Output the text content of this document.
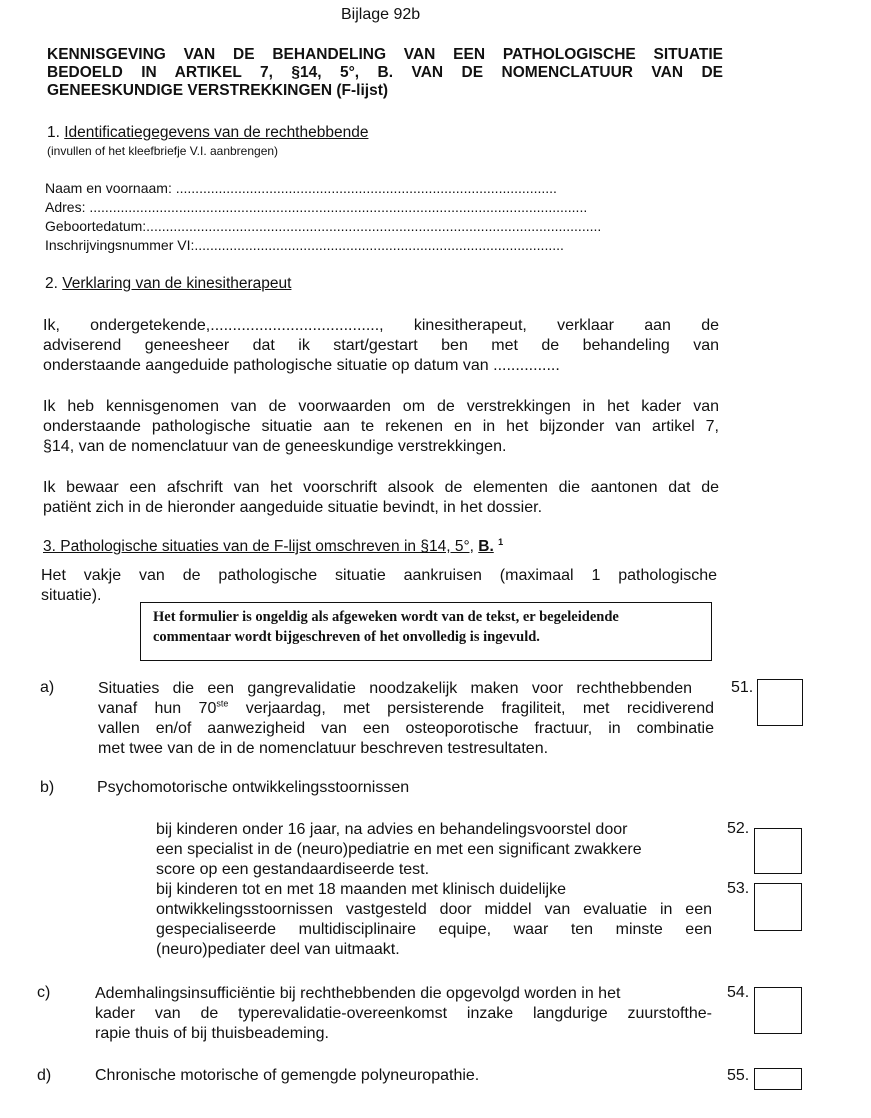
Bijlage 92b
KENNISGEVING VAN DE BEHANDELING VAN EEN PATHOLOGISCHE SITUATIE
BEDOELD IN ARTIKEL 7, §14, 5°, B. VAN DE NOMENCLATUUR VAN DE
GENEESKUNDIGE VERSTREKKINGEN (F-lijst)
1. Identificatiegegevens van de rechthebbende
(invullen of het kleefbriefje V.I. aanbrengen)
Naam en voornaam: ..................................................................................................
Adres: ................................................................................................................................
Geboortedatum:.....................................................................................................................
Inschrijvingsnummer VI:...............................................................................................
2. Verklaring van de kinesitherapeut
Ik, ondergetekende,......................................, kinesitherapeut, verklaar aan de
adviserend geneesheer dat ik start/gestart ben met de behandeling van
onderstaande aangeduide pathologische situatie op datum van ...............
Ik heb kennisgenomen van de voorwaarden om de verstrekkingen in het kader van
onderstaande pathologische situatie aan te rekenen en in het bijzonder van artikel 7,
§14, van de nomenclatuur van de geneeskundige verstrekkingen.
Ik bewaar een afschrift van het voorschrift alsook de elementen die aantonen dat de
patiënt zich in de hieronder aangeduide situatie bevindt, in het dossier.
3. Pathologische situaties van de F-lijst omschreven in §14, 5°, B. $^1$
Het vakje van de pathologische situatie aankruisen (maximaal 1 pathologische
situatie).
Het formulier is ongeldig als afgeweken wordt van de tekst, er begeleidende
commentaar wordt bijgeschreven of het onvolledig is ingevuld.
a)	Situaties die een gangrevalidatie noodzakelijk maken voor rechthebbenden
vanaf hun 70ste verjaardag, met persisterende fragiliteit, met recidiverend
vallen en/of aanwezigheid van een osteoporotische fractuur, in combinatie
met twee van de in de nomenclatuur beschreven testresultaten.
51.
b)	Psychomotorische ontwikkelingsstoornissen
bij kinderen onder 16 jaar, na advies en behandelingsvoorstel door
een specialist in de (neuro)pediatrie en met een significant zwakkere
score op een gestandaardiseerde test.
52.
bij kinderen tot en met 18 maanden met klinisch duidelijke
ontwikkelingsstoornissen vastgesteld door middel van evaluatie in een
gespecialiseerde multidisciplinaire equipe, waar ten minste een
(neuro)pediater deel van uitmaakt.
53.
c)	Ademhalingsinsufficiëntie bij rechthebbenden die opgevolgd worden in het
kader van de typerevalidatie-overeenkomst inzake langdurige zuurstofthe-
rapie thuis of bij thuisbeademing.
54.
d)	Chronische motorische of gemengde polyneuropathie.	55.
